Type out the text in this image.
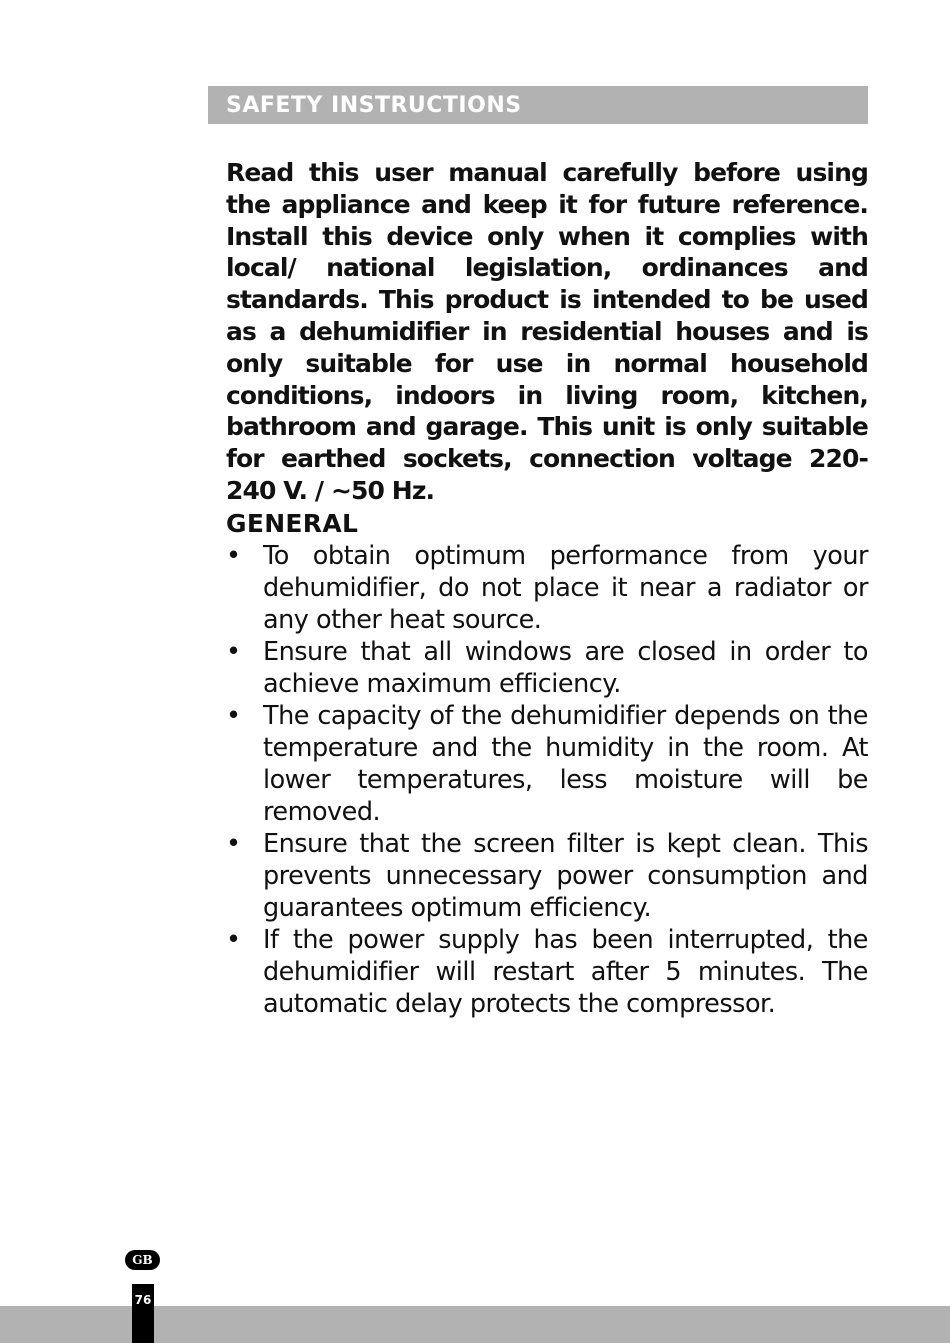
SAFETY INSTRUCTIONS

Read this user manual carefully before using the appliance and keep it for future reference. Install this device only when it complies with local/ national legislation, ordinances and standards. This product is intended to be used as a dehumidifier in residential houses and is only suitable for use in normal household conditions, indoors in living room, kitchen, bathroom and garage. This unit is only suitable for earthed sockets, connection voltage 220-240 V. / ~50 Hz.

GENERAL
• To obtain optimum performance from your dehumidifier, do not place it near a radiator or any other heat source.
• Ensure that all windows are closed in order to achieve maximum efficiency.
• The capacity of the dehumidifier depends on the temperature and the humidity in the room. At lower temperatures, less moisture will be removed.
• Ensure that the screen filter is kept clean. This prevents unnecessary power consumption and guarantees optimum efficiency.
• If the power supply has been interrupted, the dehumidifier will restart after 5 minutes. The automatic delay protects the compressor.
GB
76
